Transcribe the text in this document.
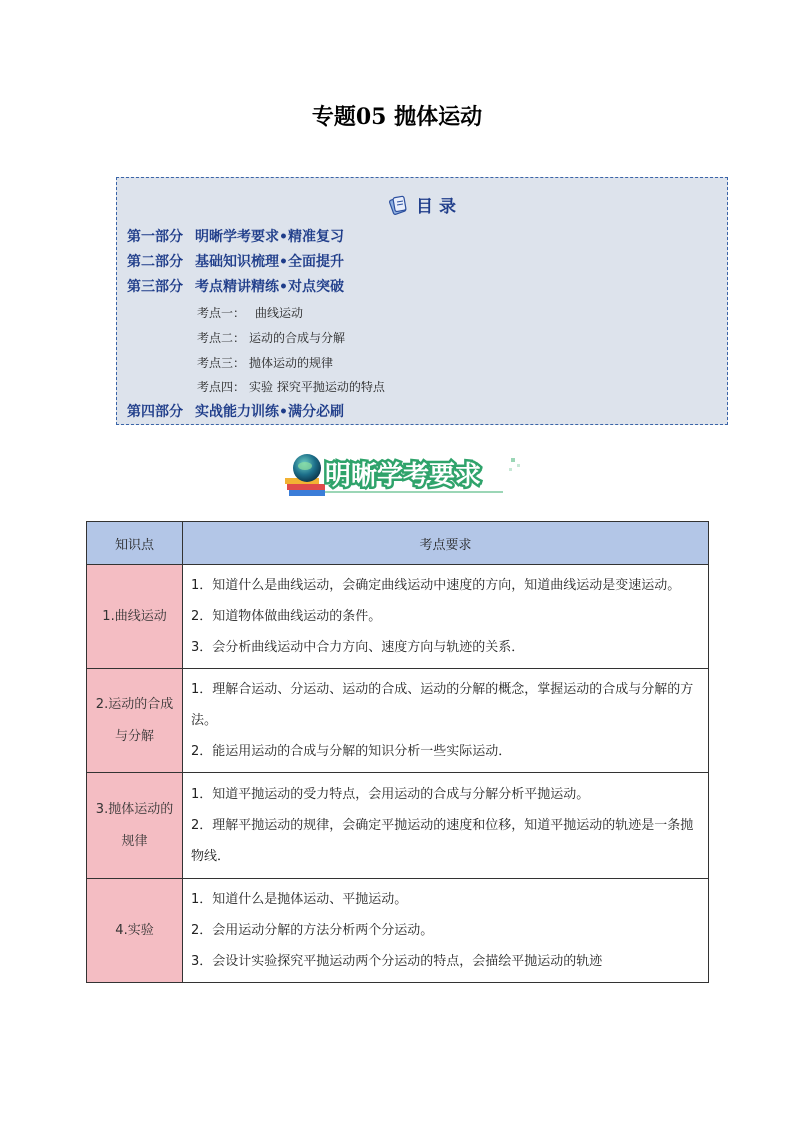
专题05 抛体运动
目 录
第一部分 明晰学考要求•精准复习
第二部分 基础知识梳理•全面提升
第三部分 考点精讲精练•对点突破
考点一： 曲线运动
考点二： 运动的合成与分解
考点三： 抛体运动的规律
考点四： 实验 探究平抛运动的特点
第四部分 实战能力训练•满分必刷
明晰学考要求
知识点	考点要求
1.曲线运动	1．知道什么是曲线运动，会确定曲线运动中速度的方向，知道曲线运动是变速运动。
2．知道物体做曲线运动的条件。
3．会分析曲线运动中合力方向、速度方向与轨迹的关系．

2.运动的合成与分解	1．理解合运动、分运动、运动的合成、运动的分解的概念，掌握运动的合成与分解的方法。
2．能运用运动的合成与分解的知识分析一些实际运动．

3.抛体运动的规律	1．知道平抛运动的受力特点，会用运动的合成与分解分析平抛运动。
2．理解平抛运动的规律，会确定平抛运动的速度和位移，知道平抛运动的轨迹是一条抛物线．

4.实验	1．知道什么是抛体运动、平抛运动。
2．会用运动分解的方法分析两个分运动。
3．会设计实验探究平抛运动两个分运动的特点，会描绘平抛运动的轨迹
